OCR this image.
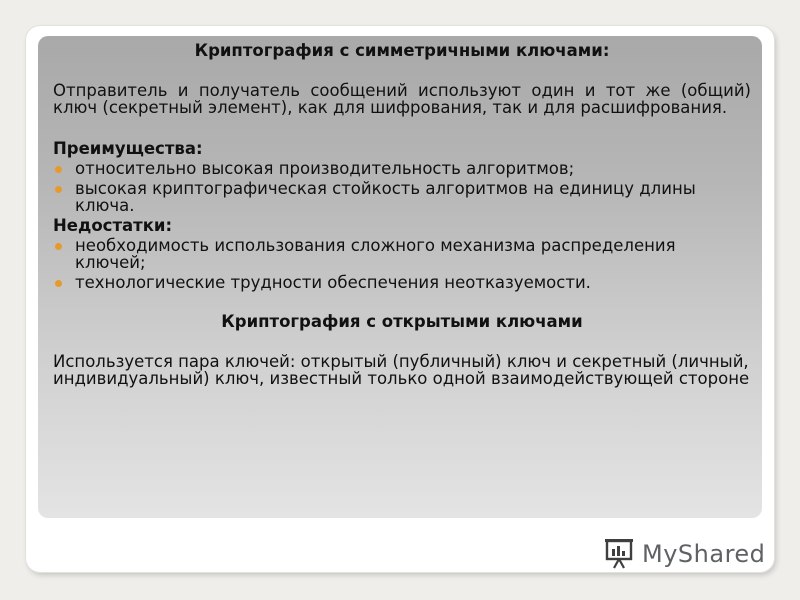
Криптография с симметричными ключами:

Отправитель и получатель сообщений используют один и тот же (общий) ключ (секретный элемент), как для шифрования, так и для расшифрования.

Преимущества:

относительно высокая производительность алгоритмов;
высокая криптографическая стойкость алгоритмов на единицу длины ключа.

Недостатки:

необходимость использования сложного механизма распределения ключей;
технологические трудности обеспечения неотказуемости.

Криптография с открытыми ключами

Используется пара ключей: открытый (публичный) ключ и секретный (личный, индивидуальный) ключ, известный только одной взаимодействующей стороне

MyShared
